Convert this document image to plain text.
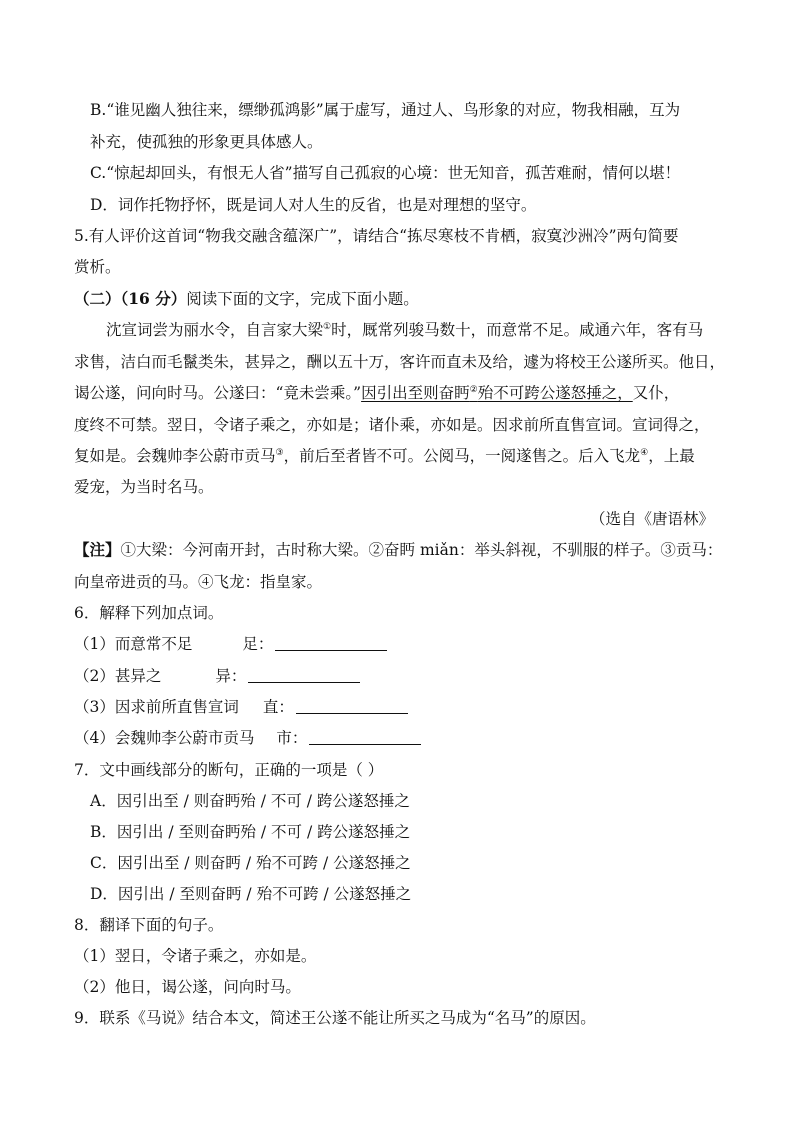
B.“谁见幽人独往来，缥缈孤鸿影”属于虚写，通过人、鸟形象的对应，物我相融，互为
补充，使孤独的形象更具体感人。
C.“惊起却回头，有恨无人省”描写自己孤寂的心境：世无知音，孤苦难耐，情何以堪！
D．词作托物抒怀，既是词人对人生的反省，也是对理想的坚守。
5.有人评价这首词“物我交融含蕴深广”，请结合“拣尽寒枝不肯栖，寂寞沙洲冷”两句简要
赏析。
（二）（16 分）阅读下面的文字，完成下面小题。
沈宣词尝为丽水令，自言家大梁①时，厩常列骏马数十，而意常不足。咸通六年，客有马
求售，洁白而毛鬣类朱，甚异之，酬以五十万，客许而直未及给，遽为将校王公遂所买。他日，
谒公遂，问向时马。公遂曰：“竟未尝乘。”因引出至则奋眄②殆不可跨公遂怒捶之，又仆，
度终不可禁。翌日，令诸子乘之，亦如是；诸仆乘，亦如是。因求前所直售宣词。宣词得之，
复如是。会魏帅李公蔚市贡马③，前后至者皆不可。公阅马，一阅遂售之。后入飞龙④，上最
爱宠，为当时名马。
（选自《唐语林》
【注】①大梁：今河南开封，古时称大梁。②奋眄 miǎn：举头斜视，不驯服的样子。③贡马：
向皇帝进贡的马。④飞龙：指皇家。
6．解释下列加点词。
（1）而意常不足	足：
（2）甚异之	异：
（3）因求前所直售宣词 直：
（4）会魏帅李公蔚市贡马 市：
7．文中画线部分的断句，正确的一项是（ ）
A．因引出至 / 则奋眄殆 / 不可 / 跨公遂怒捶之
B．因引出 / 至则奋眄殆 / 不可 / 跨公遂怒捶之
C．因引出至 / 则奋眄 / 殆不可跨 / 公遂怒捶之
D．因引出 / 至则奋眄 / 殆不可跨 / 公遂怒捶之
8．翻译下面的句子。
（1）翌日，令诸子乘之，亦如是。
（2）他日，谒公遂，问向时马。
9．联系《马说》结合本文，简述王公遂不能让所买之马成为“名马”的原因。
